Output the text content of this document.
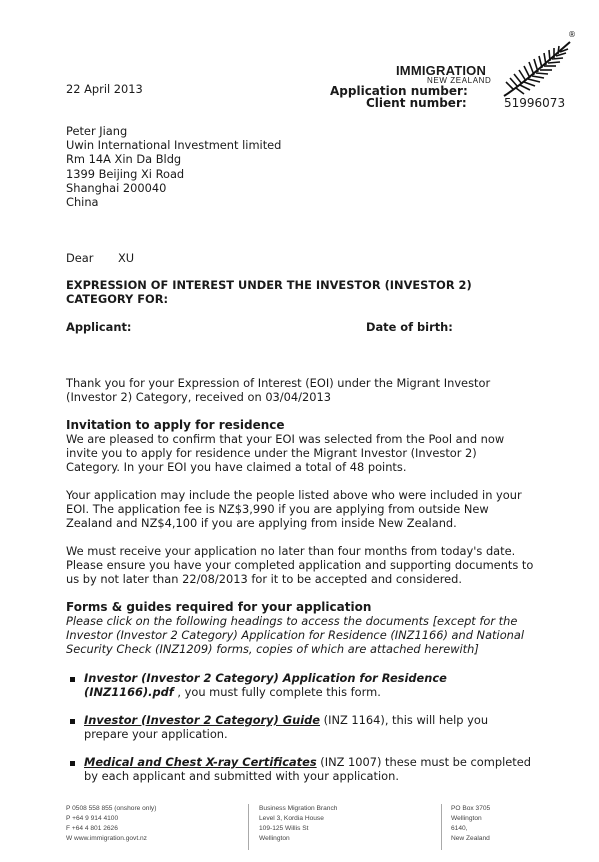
IMMIGRATION
NEW ZEALAND
®
22 April 2013	Application number:
Client number:	51996073
Peter Jiang
Uwin International Investment limited
Rm 14A Xin Da Bldg
1399 Beijing Xi Road
Shanghai 200040
China
Dear XU
EXPRESSION OF INTEREST UNDER THE INVESTOR (INVESTOR 2)
CATEGORY FOR:
Applicant:	Date of birth:
Thank you for your Expression of Interest (EOI) under the Migrant Investor
(Investor 2) Category, received on 03/04/2013
Invitation to apply for residence
We are pleased to confirm that your EOI was selected from the Pool and now
invite you to apply for residence under the Migrant Investor (Investor 2)
Category. In your EOI you have claimed a total of 48 points.
Your application may include the people listed above who were included in your
EOI. The application fee is NZ$3,990 if you are applying from outside New
Zealand and NZ$4,100 if you are applying from inside New Zealand.
We must receive your application no later than four months from today's date.
Please ensure you have your completed application and supporting documents to
us by not later than 22/08/2013 for it to be accepted and considered.
Forms & guides required for your application
Please click on the following headings to access the documents [except for the
Investor (Investor 2 Category) Application for Residence (INZ1166) and National
Security Check (INZ1209) forms, copies of which are attached herewith]
Investor (Investor 2 Category) Application for Residence
(INZ1166).pdf , you must fully complete this form.
Investor (Investor 2 Category) Guide (INZ 1164), this will help you
prepare your application.
Medical and Chest X-ray Certificates (INZ 1007) these must be completed
by each applicant and submitted with your application.
P 0508 558 855 (onshore only)
P +64 9 914 4100
F +64 4 801 2626
W www.immigration.govt.nz
Business Migration Branch
Level 3, Kordia House
109-125 Willis St
Wellington
PO Box 3705
Wellington
6140,
New Zealand
